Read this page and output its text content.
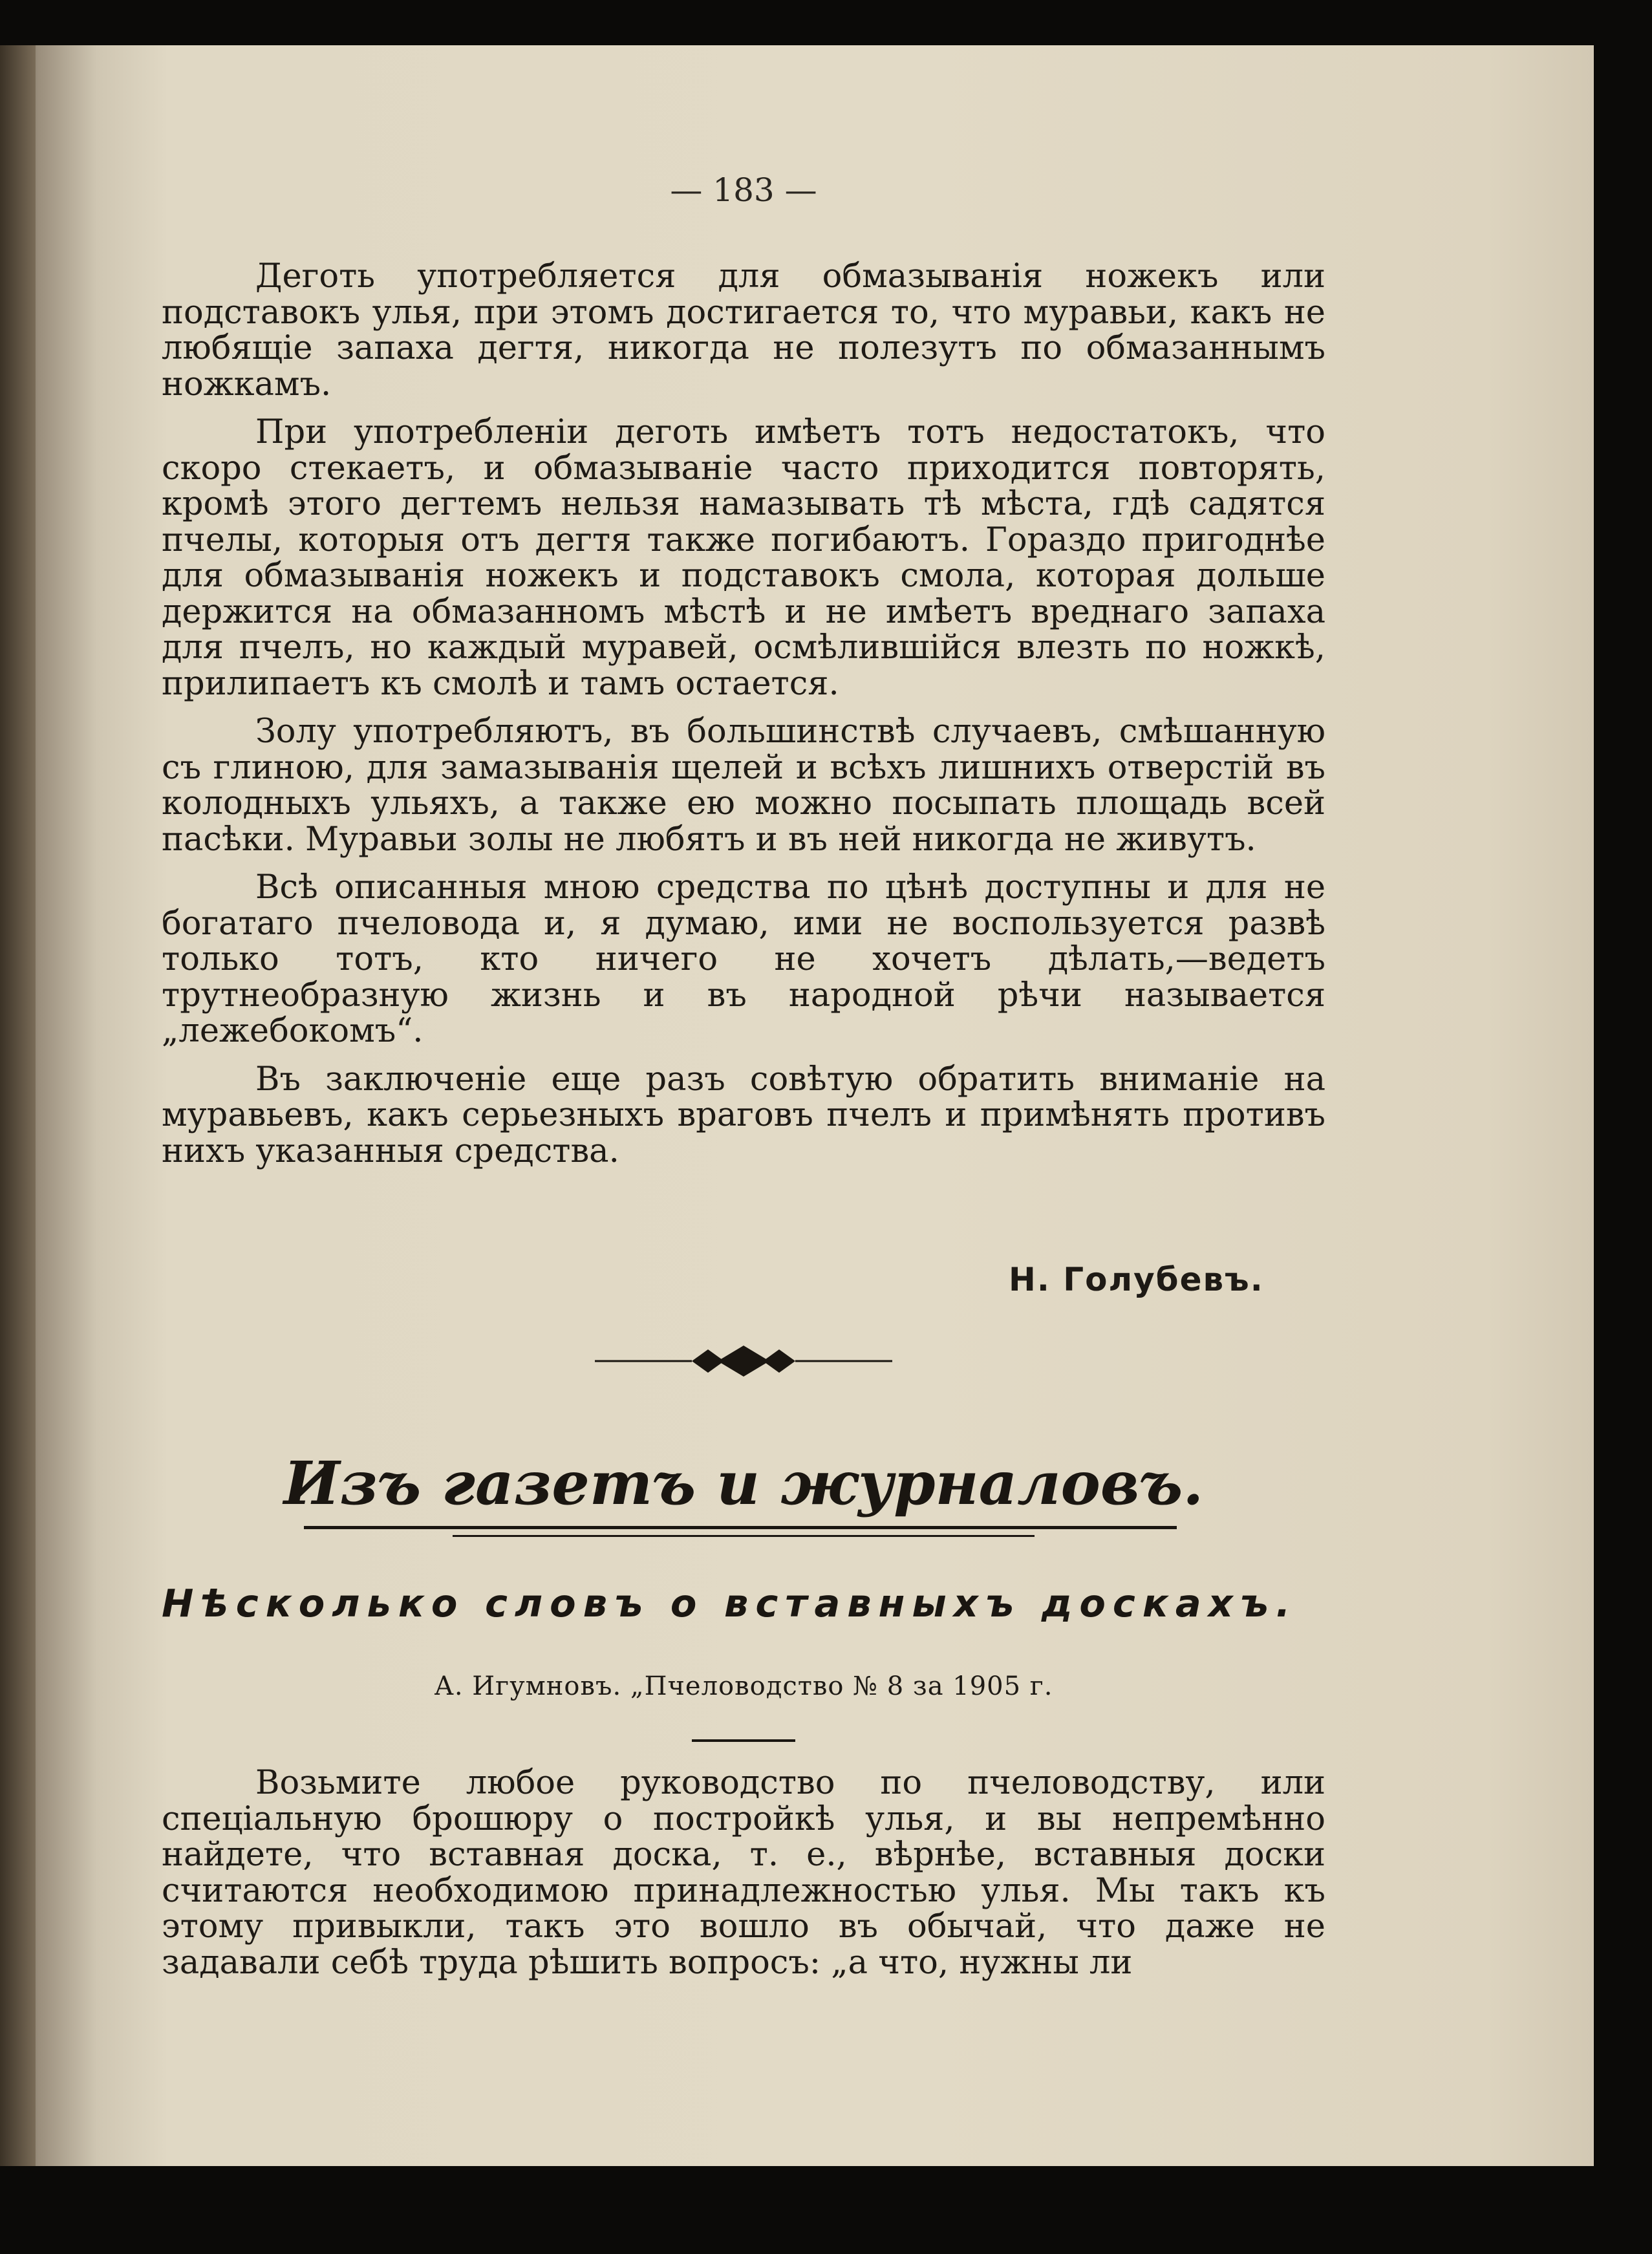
— 183 —

Деготь употребляется для обмазыванія ножекъ или подставокъ улья, при этомъ достигается то, что муравьи, какъ не любящіе запаха дегтя, никогда не полезутъ по обмазаннымъ ножкамъ.

При употребленіи деготь имѣетъ тотъ недостатокъ, что скоро стекаетъ, и обмазываніе часто приходится повторять, кромѣ этого дегтемъ нельзя намазывать тѣ мѣста, гдѣ садятся пчелы, которыя отъ дегтя также погибаютъ. Гораздо пригоднѣе для обмазыванія ножекъ и подставокъ смола, которая дольше держится на обмазанномъ мѣстѣ и не имѣетъ вреднаго запаха для пчелъ, но каждый муравей, осмѣлившійся влезть по ножкѣ, прилипаетъ къ смолѣ и тамъ остается.

Золу употребляютъ, въ большинствѣ случаевъ, смѣшанную съ глиною, для замазыванія щелей и всѣхъ лишнихъ отверстій въ колодныхъ ульяхъ, а также ею можно посыпать площадь всей пасѣки. Муравьи золы не любятъ и въ ней никогда не живутъ.

Всѣ описанныя мною средства по цѣнѣ доступны и для не богатаго пчеловода и, я думаю, ими не воспользуется развѣ только тотъ, кто ничего не хочетъ дѣлать,—ведетъ трутнеобразную жизнь и въ народной рѣчи называется „лежебокомъ“.

Въ заключеніе еще разъ совѣтую обратить вниманіе на муравьевъ, какъ серьезныхъ враговъ пчелъ и примѣнять противъ нихъ указанныя средства.

Н. Голубевъ.
Изъ газетъ и журналовъ.
Нѣсколько словъ о вставныхъ доскахъ.
А. Игумновъ. „Пчеловодство № 8 за 1905 г.

Возьмите любое руководство по пчеловодству, или спеціальную брошюру о постройкѣ улья, и вы непремѣнно найдете, что вставная доска, т. е., вѣрнѣе, вставныя доски считаются необходимою принадлежностью улья. Мы такъ къ этому привыкли, такъ это вошло въ обычай, что даже не задавали себѣ труда рѣшить вопросъ: „а что, нужны ли
